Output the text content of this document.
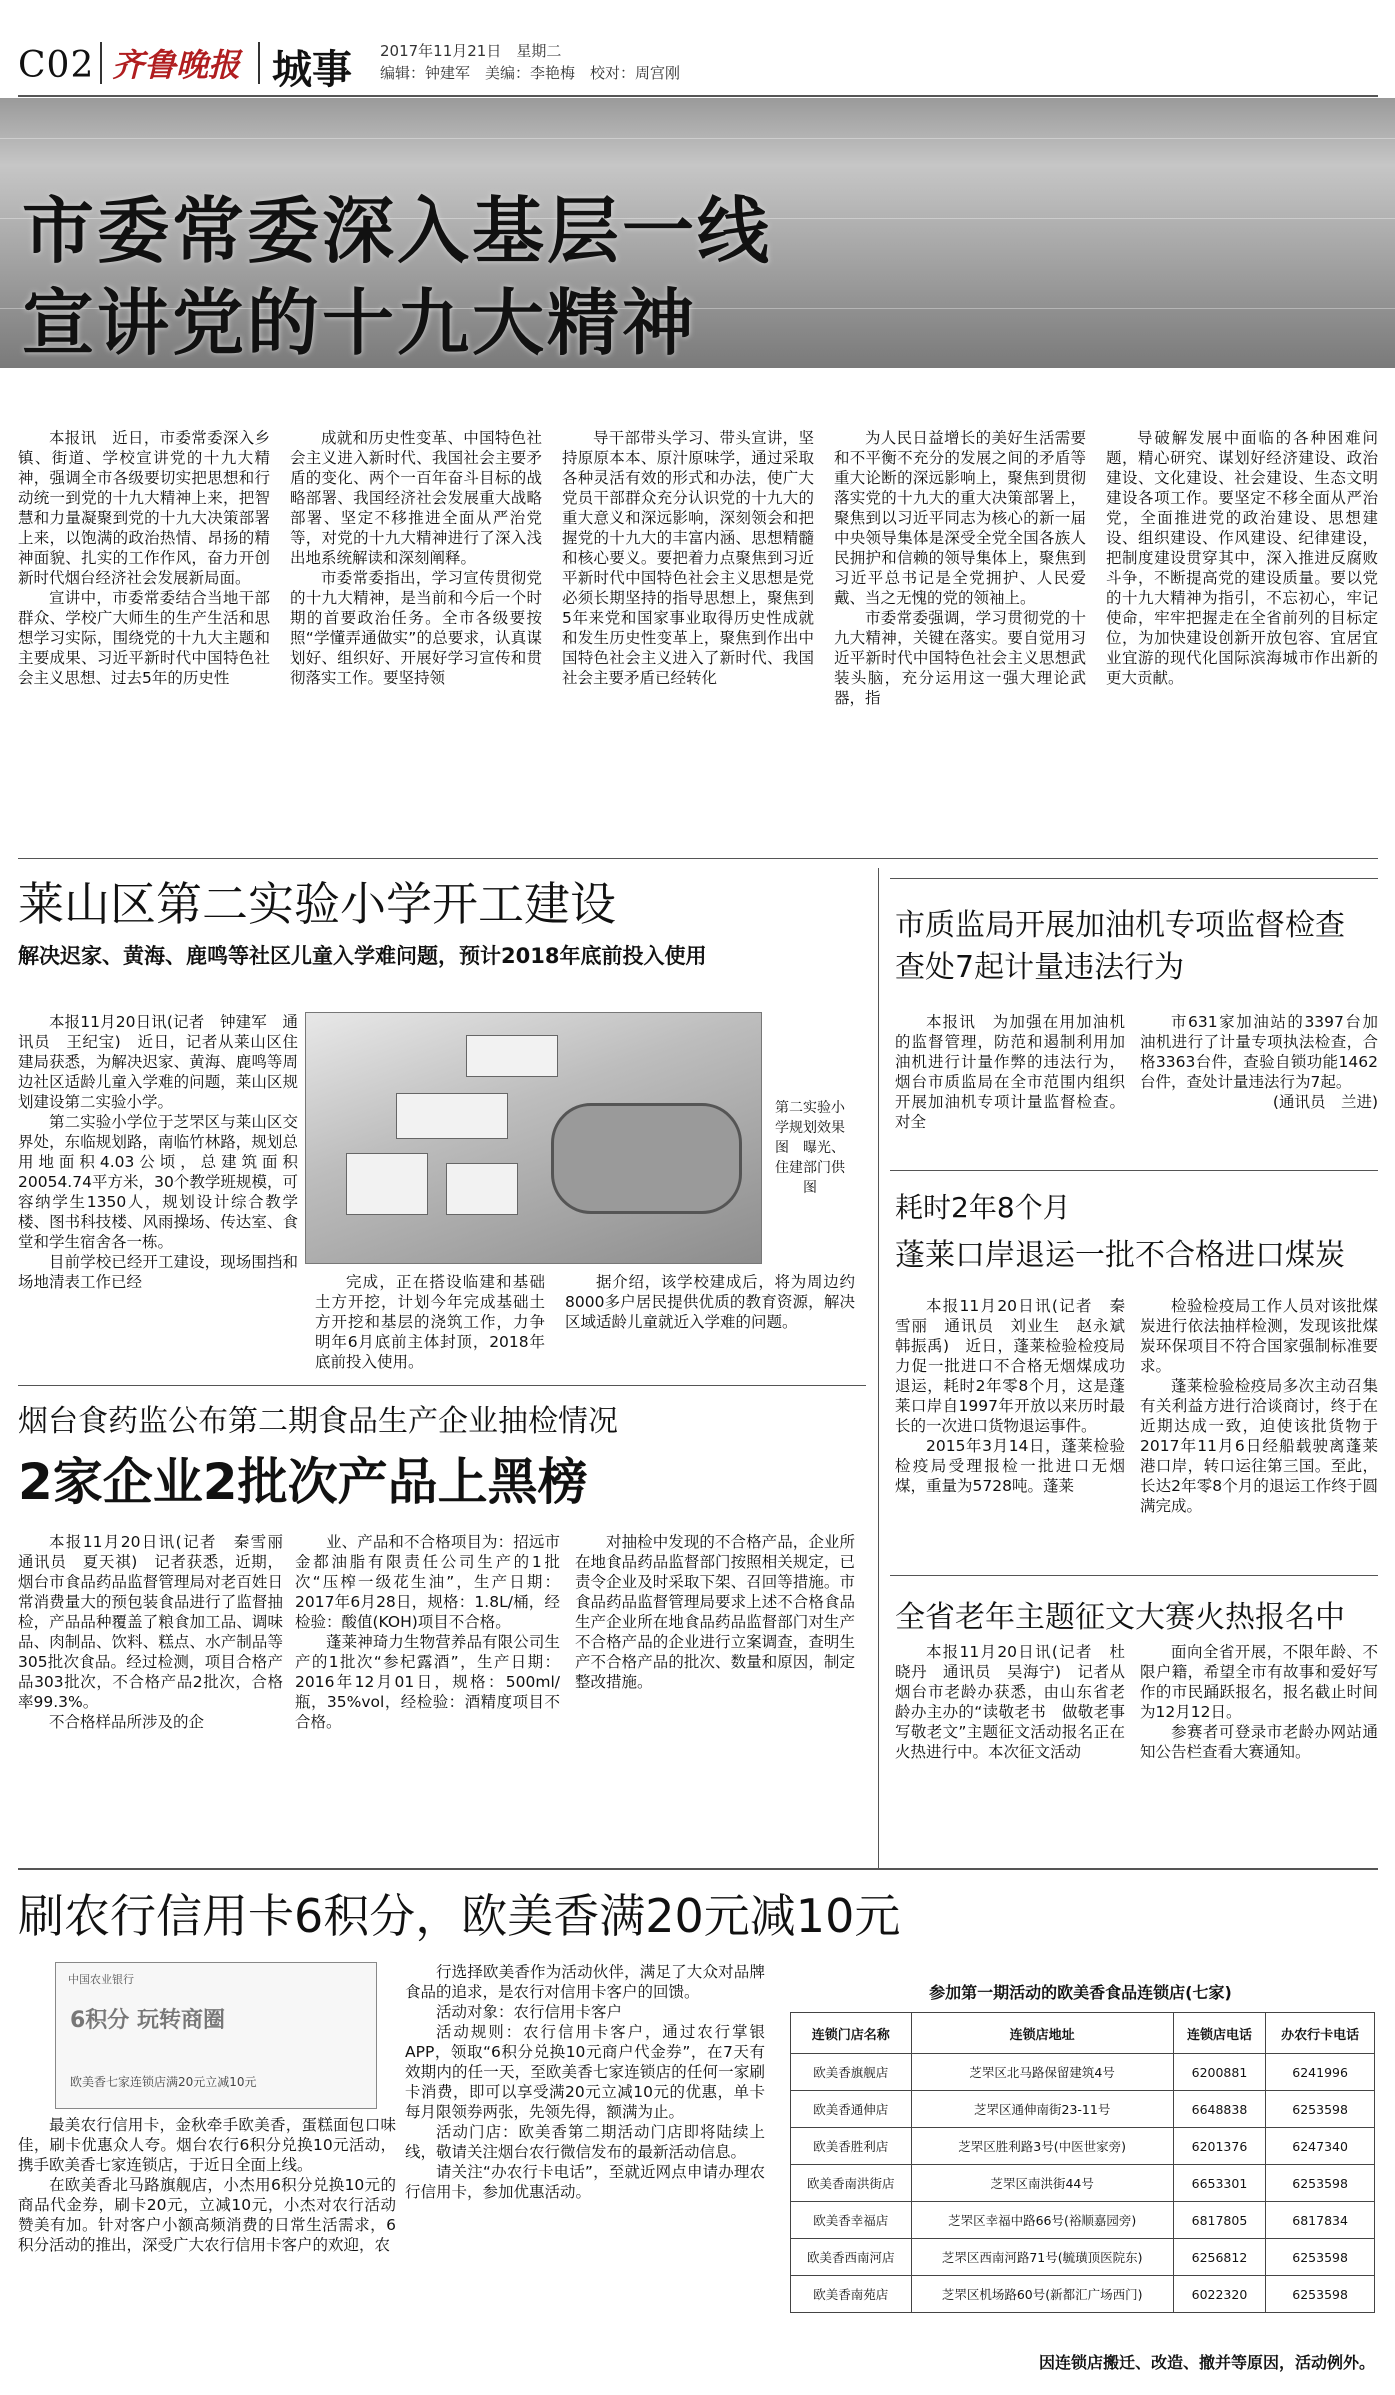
C02 齐鲁晚报 城事 2017年11月21日　星期二
编辑：钟建军　美编：李艳梅　校对：周宫刚
市委常委深入基层一线
宣讲党的十九大精神

本报讯　近日，市委常委深入乡镇、街道、学校宣讲党的十九大精神，强调全市各级要切实把思想和行动统一到党的十九大精神上来，把智慧和力量凝聚到党的十九大决策部署上来，以饱满的政治热情、昂扬的精神面貌、扎实的工作作风，奋力开创新时代烟台经济社会发展新局面。

宣讲中，市委常委结合当地干部群众、学校广大师生的生产生活和思想学习实际，围绕党的十九大主题和主要成果、习近平新时代中国特色社会主义思想、过去5年的历史性

成就和历史性变革、中国特色社会主义进入新时代、我国社会主要矛盾的变化、两个一百年奋斗目标的战略部署、我国经济社会发展重大战略部署、坚定不移推进全面从严治党等，对党的十九大精神进行了深入浅出地系统解读和深刻阐释。

市委常委指出，学习宣传贯彻党的十九大精神，是当前和今后一个时期的首要政治任务。全市各级要按照“学懂弄通做实”的总要求，认真谋划好、组织好、开展好学习宣传和贯彻落实工作。要坚持领

导干部带头学习、带头宣讲，坚持原原本本、原汁原味学，通过采取各种灵活有效的形式和办法，使广大党员干部群众充分认识党的十九大的重大意义和深远影响，深刻领会和把握党的十九大的丰富内涵、思想精髓和核心要义。要把着力点聚焦到习近平新时代中国特色社会主义思想是党必须长期坚持的指导思想上，聚焦到5年来党和国家事业取得历史性成就和发生历史性变革上，聚焦到作出中国特色社会主义进入了新时代、我国社会主要矛盾已经转化

为人民日益增长的美好生活需要和不平衡不充分的发展之间的矛盾等重大论断的深远影响上，聚焦到贯彻落实党的十九大的重大决策部署上，聚焦到以习近平同志为核心的新一届中央领导集体是深受全党全国各族人民拥护和信赖的领导集体上，聚焦到习近平总书记是全党拥护、人民爱戴、当之无愧的党的领袖上。

市委常委强调，学习贯彻党的十九大精神，关键在落实。要自觉用习近平新时代中国特色社会主义思想武装头脑，充分运用这一强大理论武器，指

导破解发展中面临的各种困难问题，精心研究、谋划好经济建设、政治建设、文化建设、社会建设、生态文明建设各项工作。要坚定不移全面从严治党，全面推进党的政治建设、思想建设、组织建设、作风建设、纪律建设，把制度建设贯穿其中，深入推进反腐败斗争，不断提高党的建设质量。要以党的十九大精神为指引，不忘初心，牢记使命，牢牢把握走在全省前列的目标定位，为加快建设创新开放包容、宜居宜业宜游的现代化国际滨海城市作出新的更大贡献。

莱山区第二实验小学开工建设
解决迟家、黄海、鹿鸣等社区儿童入学难问题，预计2018年底前投入使用

本报11月20日讯(记者　钟建军　通讯员　王纪宝)　近日，记者从莱山区住建局获悉，为解决迟家、黄海、鹿鸣等周边社区适龄儿童入学难的问题，莱山区规划建设第二实验小学。

第二实验小学位于芝罘区与莱山区交界处，东临规划路，南临竹林路，规划总用地面积4.03公顷，总建筑面积20054.74平方米，30个教学班规模，可容纳学生1350人，规划设计综合教学楼、图书科技楼、风雨操场、传达室、食堂和学生宿舍各一栋。

目前学校已经开工建设，现场围挡和场地清表工作已经

第二实验小学规划效果图　曝光、住建部门供图

完成，正在搭设临建和基础土方开挖，计划今年完成基础土方开挖和基层的浇筑工作，力争明年6月底前主体封顶，2018年底前投入使用。

据介绍，该学校建成后，将为周边约8000多户居民提供优质的教育资源，解决区域适龄儿童就近入学难的问题。

烟台食药监公布第二期食品生产企业抽检情况
2家企业2批次产品上黑榜

本报11月20日讯(记者　秦雪丽　通讯员　夏天祺)　记者获悉，近期，烟台市食品药品监督管理局对老百姓日常消费量大的预包装食品进行了监督抽检，产品品种覆盖了粮食加工品、调味品、肉制品、饮料、糕点、水产制品等305批次食品。经过检测，项目合格产品303批次，不合格产品2批次，合格率99.3%。

不合格样品所涉及的企

业、产品和不合格项目为：招远市金都油脂有限责任公司生产的1批次“压榨一级花生油”，生产日期：2017年6月28日，规格：1.8L/桶，经检验：酸值(KOH)项目不合格。

蓬莱神琦力生物营养品有限公司生产的1批次“参杞露酒”，生产日期：2016年12月01日，规格：500ml/瓶，35%vol，经检验：酒精度项目不合格。

对抽检中发现的不合格产品，企业所在地食品药品监督部门按照相关规定，已责令企业及时采取下架、召回等措施。市食品药品监督管理局要求上述不合格食品生产企业所在地食品药品监督部门对生产不合格产品的企业进行立案调查，查明生产不合格产品的批次、数量和原因，制定整改措施。

市质监局开展加油机专项监督检查
查处7起计量违法行为

本报讯　为加强在用加油机的监督管理，防范和遏制利用加油机进行计量作弊的违法行为，烟台市质监局在全市范围内组织开展加油机专项计量监督检查。对全

市631家加油站的3397台加油机进行了计量专项执法检查，合格3363台件，查验自锁功能1462台件，查处计量违法行为7起。

(通讯员　兰进)

耗时2年8个月
蓬莱口岸退运一批不合格进口煤炭

本报11月20日讯(记者　秦雪丽　通讯员　刘业生　赵永斌　韩振禹)　近日，蓬莱检验检疫局力促一批进口不合格无烟煤成功退运，耗时2年零8个月，这是蓬莱口岸自1997年开放以来历时最长的一次进口货物退运事件。

2015年3月14日，蓬莱检验检疫局受理报检一批进口无烟煤，重量为5728吨。蓬莱

检验检疫局工作人员对该批煤炭进行依法抽样检测，发现该批煤炭环保项目不符合国家强制标准要求。

蓬莱检验检疫局多次主动召集有关利益方进行洽谈商讨，终于在近期达成一致，迫使该批货物于2017年11月6日经船载驶离蓬莱港口岸，转口运往第三国。至此，长达2年零8个月的退运工作终于圆满完成。

全省老年主题征文大赛火热报名中

本报11月20日讯(记者　杜晓丹　通讯员　吴海宁)　记者从烟台市老龄办获悉，由山东省老龄办主办的“读敬老书　做敬老事　写敬老文”主题征文活动报名正在火热进行中。本次征文活动

面向全省开展，不限年龄、不限户籍，希望全市有故事和爱好写作的市民踊跃报名，报名截止时间为12月12日。

参赛者可登录市老龄办网站通知公告栏查看大赛通知。

刷农行信用卡6积分，欧美香满20元减10元
中国农业银行
6积分 玩转商圈
欧美香七家连锁店满20元立减10元

最美农行信用卡，金秋牵手欧美香，蛋糕面包口味佳，刷卡优惠众人夸。烟台农行6积分兑换10元活动，携手欧美香七家连锁店，于近日全面上线。

在欧美香北马路旗舰店，小杰用6积分兑换10元的商品代金券，刷卡20元，立减10元，小杰对农行活动赞美有加。针对客户小额高频消费的日常生活需求，6积分活动的推出，深受广大农行信用卡客户的欢迎，农

行选择欧美香作为活动伙伴，满足了大众对品牌食品的追求，是农行对信用卡客户的回馈。

活动对象：农行信用卡客户

活动规则：农行信用卡客户，通过农行掌银APP，领取“6积分兑换10元商户代金券”，在7天有效期内的任一天，至欧美香七家连锁店的任何一家刷卡消费，即可以享受满20元立减10元的优惠，单卡每月限领券两张，先领先得，额满为止。

活动门店：欧美香第二期活动门店即将陆续上线，敬请关注烟台农行微信发布的最新活动信息。

请关注“办农行卡电话”，至就近网点申请办理农行信用卡，参加优惠活动。

参加第一期活动的欧美香食品连锁店(七家)
连锁门店名称	连锁店地址	连锁店电话	办农行卡电话
欧美香旗舰店	芝罘区北马路保留建筑4号	6200881	6241996
欧美香通伸店	芝罘区通伸南街23-11号	6648838	6253598
欧美香胜利店	芝罘区胜利路3号(中医世家旁)	6201376	6247340
欧美香南洪街店	芝罘区南洪街44号	6653301	6253598
欧美香幸福店	芝罘区幸福中路66号(裕顺嘉园旁)	6817805	6817834
欧美香西南河店	芝罘区西南河路71号(毓璜顶医院东)	6256812	6253598
欧美香南苑店	芝罘区机场路60号(新都汇广场西门)	6022320	6253598
因连锁店搬迁、改造、撤并等原因，活动例外。
